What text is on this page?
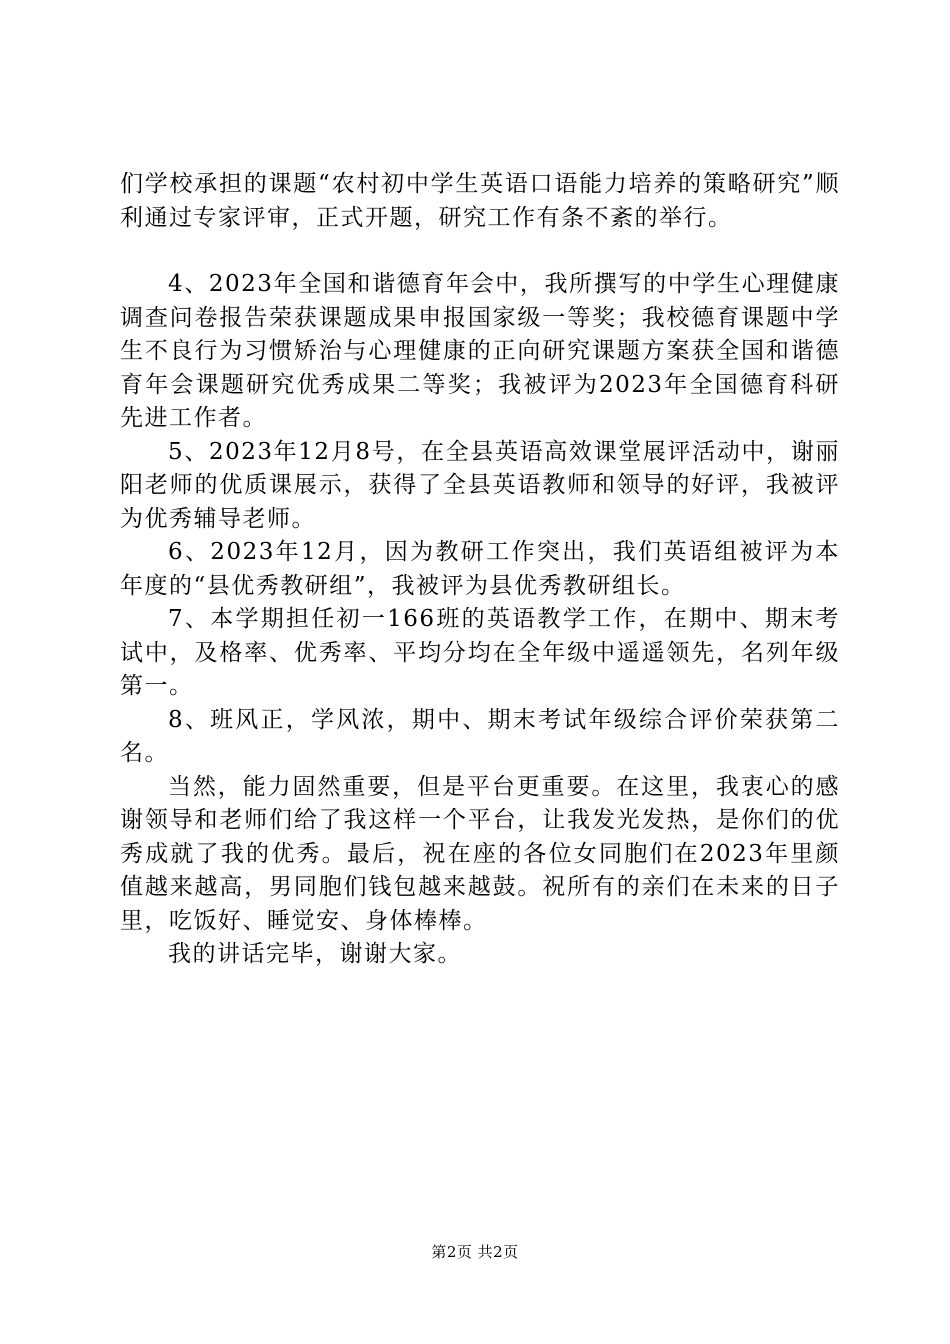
们学校承担的课题“农村初中学生英语口语能力培养的策略研究”顺利通过专家评审，正式开题，研究工作有条不紊的举行。

4、2023年全国和谐德育年会中，我所撰写的中学生心理健康调查问卷报告荣获课题成果申报国家级一等奖；我校德育课题中学生不良行为习惯矫治与心理健康的正向研究课题方案获全国和谐德育年会课题研究优秀成果二等奖；我被评为2023年全国德育科研先进工作者。

5、2023年12月8号，在全县英语高效课堂展评活动中，谢丽阳老师的优质课展示，获得了全县英语教师和领导的好评，我被评为优秀辅导老师。

6、2023年12月，因为教研工作突出，我们英语组被评为本年度的“县优秀教研组”，我被评为县优秀教研组长。

7、本学期担任初一166班的英语教学工作，在期中、期末考试中，及格率、优秀率、平均分均在全年级中遥遥领先，名列年级第一。

8、班风正，学风浓，期中、期末考试年级综合评价荣获第二名。

当然，能力固然重要，但是平台更重要。在这里，我衷心的感谢领导和老师们给了我这样一个平台，让我发光发热，是你们的优秀成就了我的优秀。最后，祝在座的各位女同胞们在2023年里颜值越来越高，男同胞们钱包越来越鼓。祝所有的亲们在未来的日子里，吃饭好、睡觉安、身体棒棒。

我的讲话完毕，谢谢大家。

第2页 共2页
